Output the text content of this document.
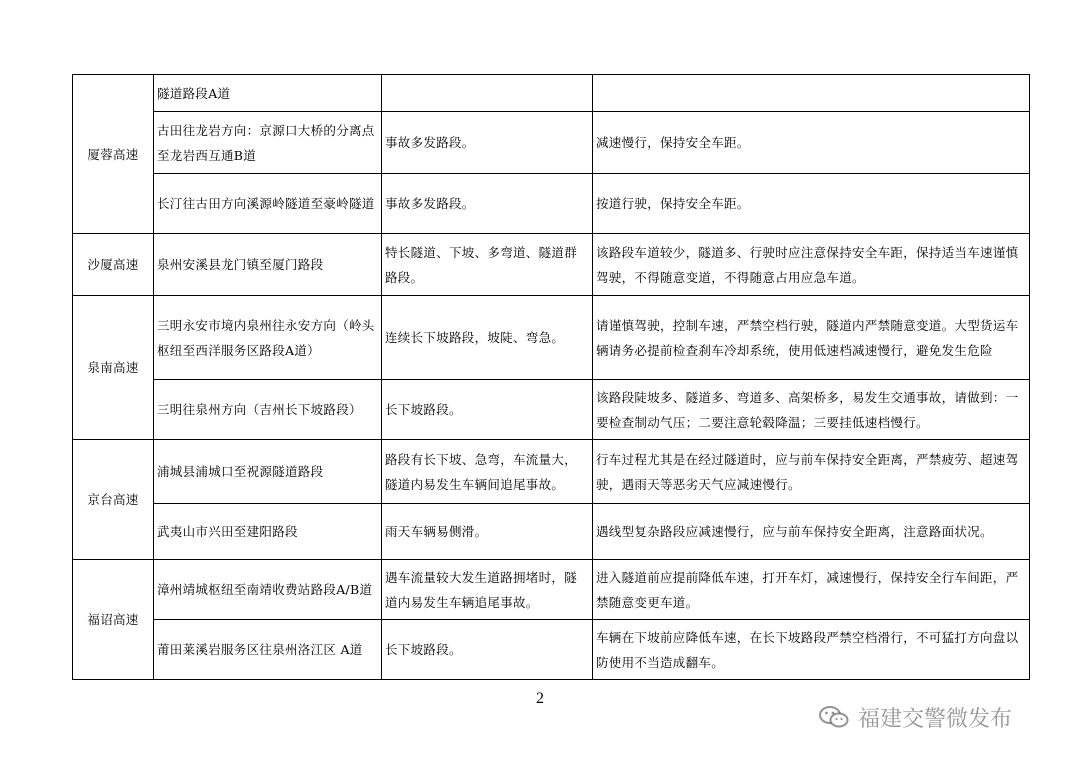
厦蓉高速	隧道路段A道		
	古田往龙岩方向：京源口大桥的分离点至龙岩西互通B道	事故多发路段。	减速慢行，保持安全车距。
	长汀往古田方向溪源岭隧道至豪岭隧道	事故多发路段。	按道行驶，保持安全车距。
沙厦高速	泉州安溪县龙门镇至厦门路段	特长隧道、下坡、多弯道、隧道群路段。	该路段车道较少，隧道多、行驶时应注意保持安全车距，保持适当车速谨慎驾驶，不得随意变道，不得随意占用应急车道。
泉南高速	三明永安市境内泉州往永安方向（岭头枢纽至西洋服务区路段A道）	连续长下坡路段，坡陡、弯急。	请谨慎驾驶，控制车速，严禁空档行驶，隧道内严禁随意变道。大型货运车辆请务必提前检查刹车冷却系统，使用低速档减速慢行，避免发生危险
	三明往泉州方向（吉州长下坡路段）	长下坡路段。	该路段陡坡多、隧道多、弯道多、高架桥多，易发生交通事故，请做到：一要检查制动气压；二要注意轮毂降温；三要挂低速档慢行。
京台高速	浦城县浦城口至祝源隧道路段	路段有长下坡、急弯，车流量大，隧道内易发生车辆间追尾事故。	行车过程尤其是在经过隧道时，应与前车保持安全距离，严禁疲劳、超速驾驶，遇雨天等恶劣天气应减速慢行。
	武夷山市兴田至建阳路段	雨天车辆易侧滑。	遇线型复杂路段应减速慢行，应与前车保持安全距离，注意路面状况。
福诏高速	漳州靖城枢纽至南靖收费站路段A/B道	遇车流量较大发生道路拥堵时，隧道内易发生车辆追尾事故。	进入隧道前应提前降低车速，打开车灯，减速慢行，保持安全行车间距，严禁随意变更车道。
	莆田莱溪岩服务区往泉州洛江区 A道	长下坡路段。	车辆在下坡前应降低车速，在长下坡路段严禁空档滑行，不可猛打方向盘以防使用不当造成翻车。
2
福建交警微发布
